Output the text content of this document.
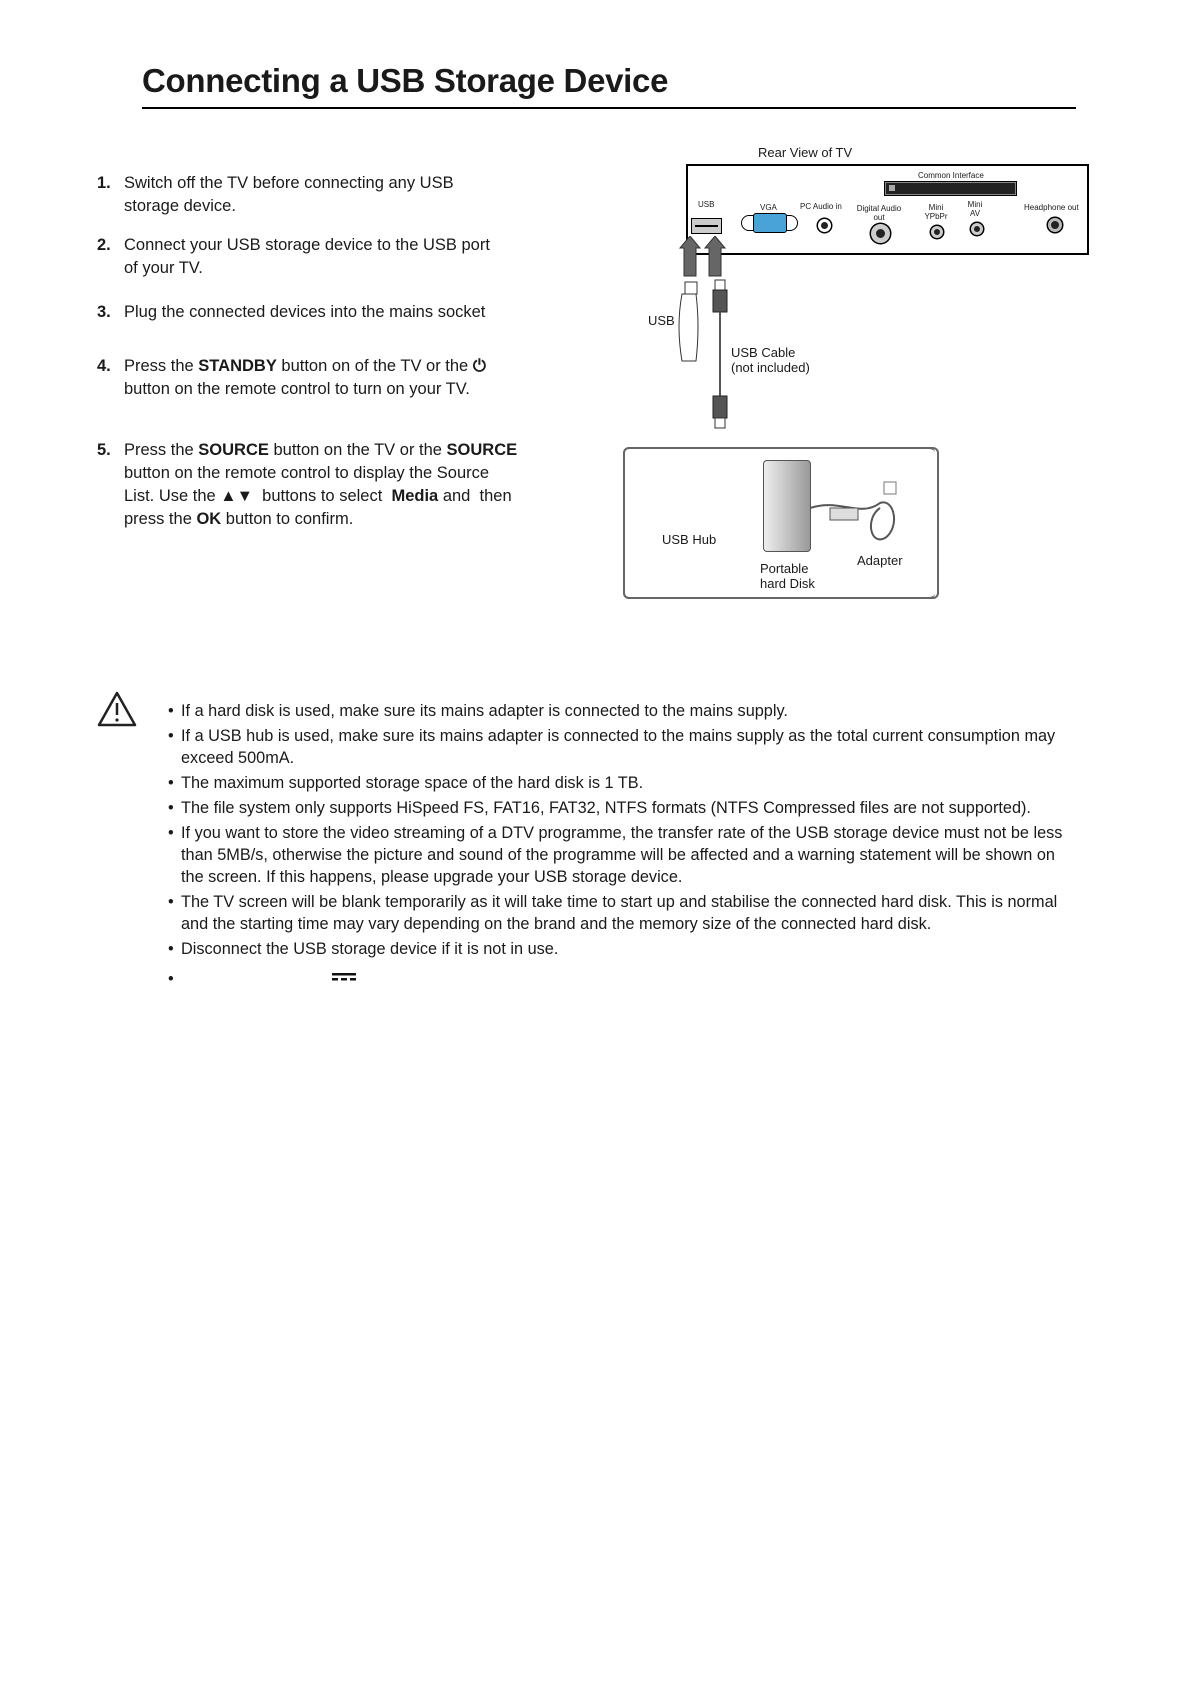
Connecting a USB Storage Device
1. Switch off the TV before connecting any USB
storage device.
2. Connect your USB storage device to the USB port
of your TV.
3. Plug the connected devices into the mains socket
4. Press the STANDBY button on of the TV or the ⏻
button on the remote control to turn on your TV.
5. Press the SOURCE button on the TV or the SOURCE
button on the remote control to display the Source
List. Use the ▲▼  buttons to select  Media and  then
press the OK button to confirm.
Rear View of TV
Common Interface
USB	VGA	PC Audio in	Digital Audio out
Mini YPbPr
Mini AV
Headphone out
USB
USB Cable
(not included)
USB Hub
Portable
hard Disk
Adapter
• If a hard disk is used, make sure its mains adapter is connected to the mains supply.
• If a USB hub is used, make sure its mains adapter is connected to the mains supply as the total current consumption may exceed 500mA.
• The maximum supported storage space of the hard disk is 1 TB.
• The file system only supports HiSpeed FS, FAT16, FAT32, NTFS formats (NTFS Compressed files are not supported).
• If you want to store the video streaming of a DTV programme, the transfer rate of the USB storage device must not be less than 5MB/s, otherwise the picture and sound of the programme will be affected and a warning statement will be shown on the screen. If this happens, please upgrade your USB storage device.
• The TV screen will be blank temporarily as it will take time to start up and stabilise the connected hard disk. This is normal and the starting time may vary depending on the brand and the memory size of the connected hard disk.
• Disconnect the USB storage device if it is not in use.
•
